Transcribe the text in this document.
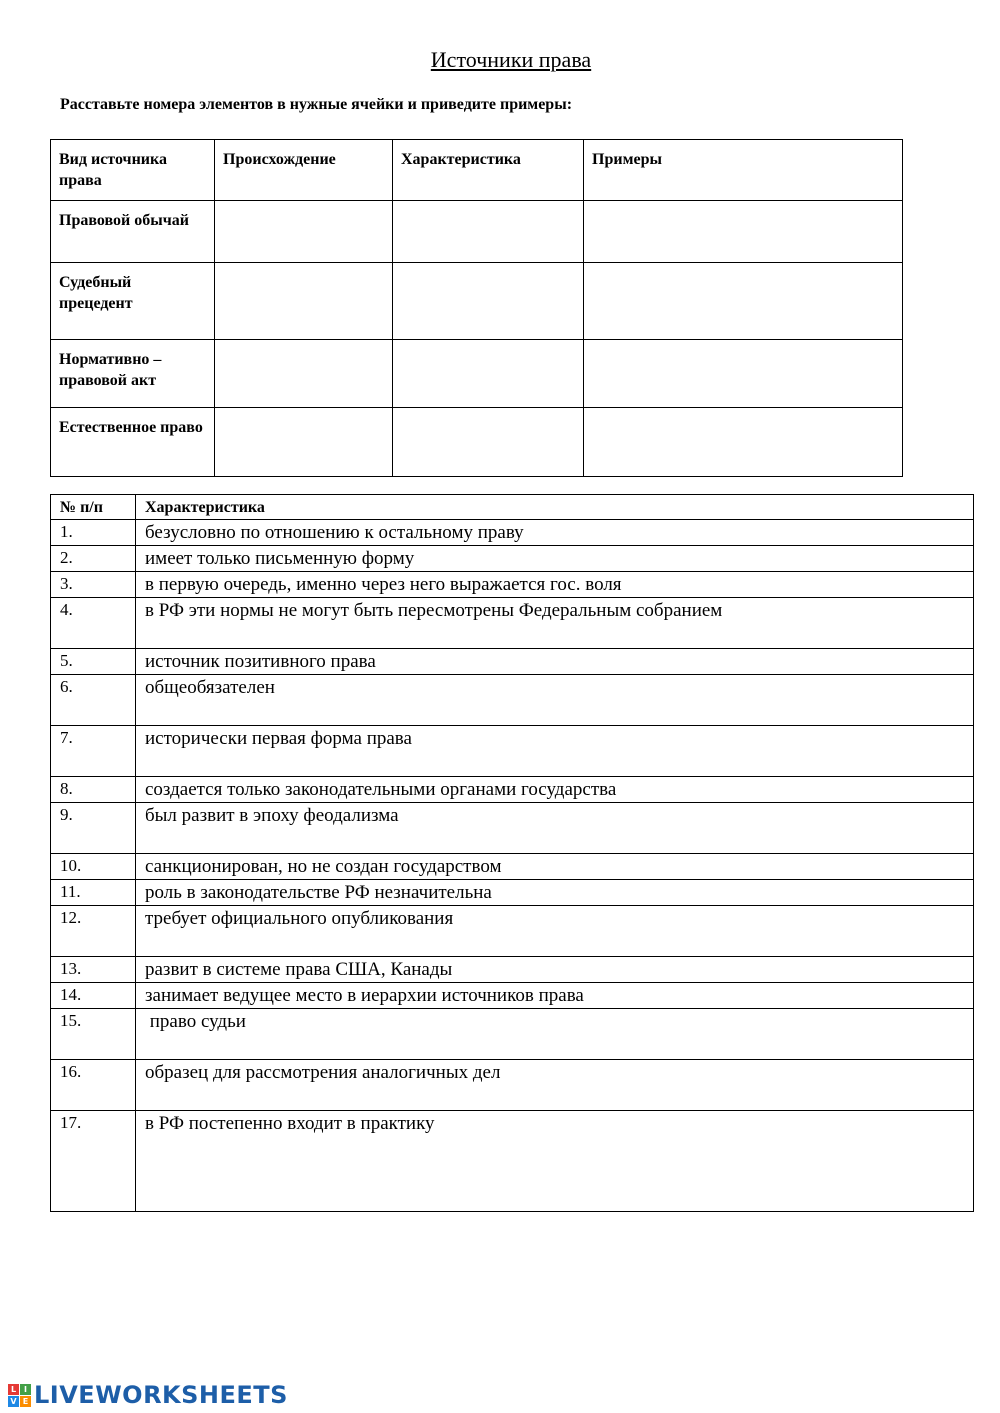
Источники права
Расставьте номера элементов в нужные ячейки и приведите примеры:
Вид источника права	Происхождение	Характеристика	Примеры
Правовой обычай			
Судебный прецедент			
Нормативно – правовой акт			
Естественное право			
№ п/п	Характеристика
1.	безусловно по отношению к остальному праву
2.	имеет только письменную форму
3.	в первую очередь, именно через него выражается гос. воля
4.	в РФ эти нормы не могут быть пересмотрены Федеральным собранием
5.	источник позитивного права
6.	общеобязателен
7.	исторически первая форма права
8.	создается только законодательными органами государства
9.	был развит в эпоху феодализма
10.	санкционирован, но не создан государством
11.	роль в законодательстве РФ незначительна
12.	требует официального опубликования
13.	развит в системе права США, Канады
14.	занимает ведущее место в иерархии источников права
15.	право судьи
16.	образец для рассмотрения аналогичных дел
17.	в РФ постепенно входит в практику
L I
V E LIVEWORKSHEETS
